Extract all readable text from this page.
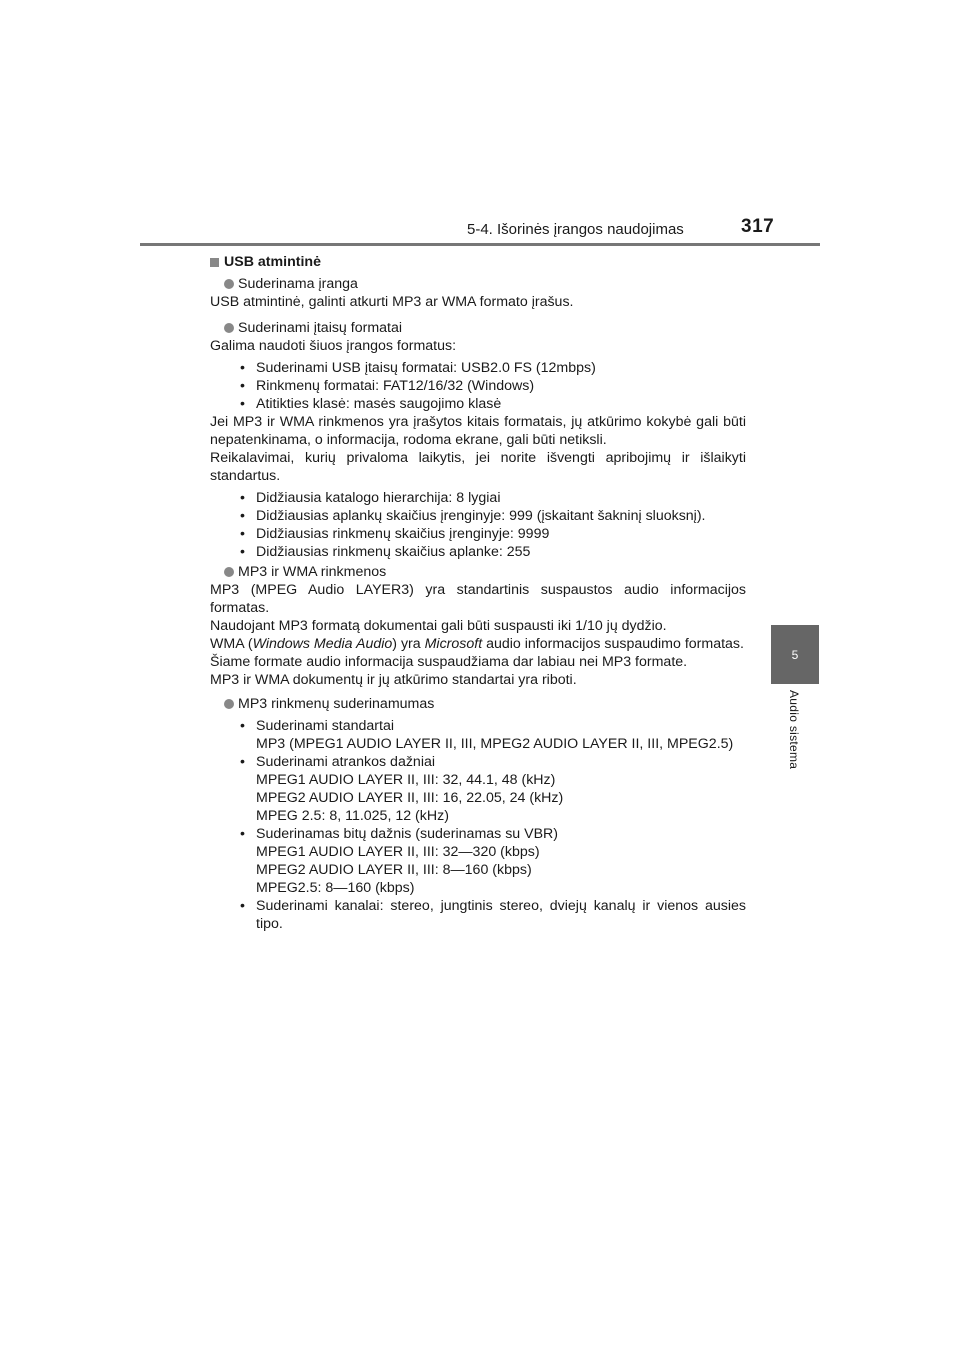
5-4. Išorinės įrangos naudojimas	317
5
Audio sistema

USB atmintinė

Suderinama įranga

USB atmintinė, galinti atkurti MP3 ar WMA formato įrašus.

Suderinami įtaisų formatai

Galima naudoti šiuos įrangos formatus:

• Suderinami USB įtaisų formatai: USB2.0 FS (12mbps)
• Rinkmenų formatai: FAT12/16/32 (Windows)
• Atitikties klasė: masės saugojimo klasė

Jei MP3 ir WMA rinkmenos yra įrašytos kitais formatais, jų atkūrimo kokybė gali būti nepatenkinama, o informacija, rodoma ekrane, gali būti netiksli.

Reikalavimai, kurių privaloma laikytis, jei norite išvengti apribojimų ir išlaikyti standartus.

• Didžiausia katalogo hierarchija: 8 lygiai
• Didžiausias aplankų skaičius įrenginyje: 999 (įskaitant šakninį sluoksnį).
• Didžiausias rinkmenų skaičius įrenginyje: 9999
• Didžiausias rinkmenų skaičius aplanke: 255
MP3 ir WMA rinkmenos

MP3 (MPEG Audio LAYER3) yra standartinis suspaustos audio informacijos formatas.

Naudojant MP3 formatą dokumentai gali būti suspausti iki 1/10 jų dydžio.

WMA (Windows Media Audio) yra Microsoft audio informacijos suspaudimo formatas.

Šiame formate audio informacija suspaudžiama dar labiau nei MP3 formate.

MP3 ir WMA dokumentų ir jų atkūrimo standartai yra riboti.

MP3 rinkmenų suderinamumas
• Suderinami standartai
MP3 (MPEG1 AUDIO LAYER II, III, MPEG2 AUDIO LAYER II, III, MPEG2.5)
• Suderinami atrankos dažniai
MPEG1 AUDIO LAYER II, III: 32, 44.1, 48 (kHz)
MPEG2 AUDIO LAYER II, III: 16, 22.05, 24 (kHz)
MPEG 2.5: 8, 11.025, 12 (kHz)
• Suderinamas bitų dažnis (suderinamas su VBR)
MPEG1 AUDIO LAYER II, III: 32—320 (kbps)
MPEG2 AUDIO LAYER II, III: 8—160 (kbps)
MPEG2.5: 8—160 (kbps)
• Suderinami kanalai: stereo, jungtinis stereo, dviejų kanalų ir vienos ausies tipo.
